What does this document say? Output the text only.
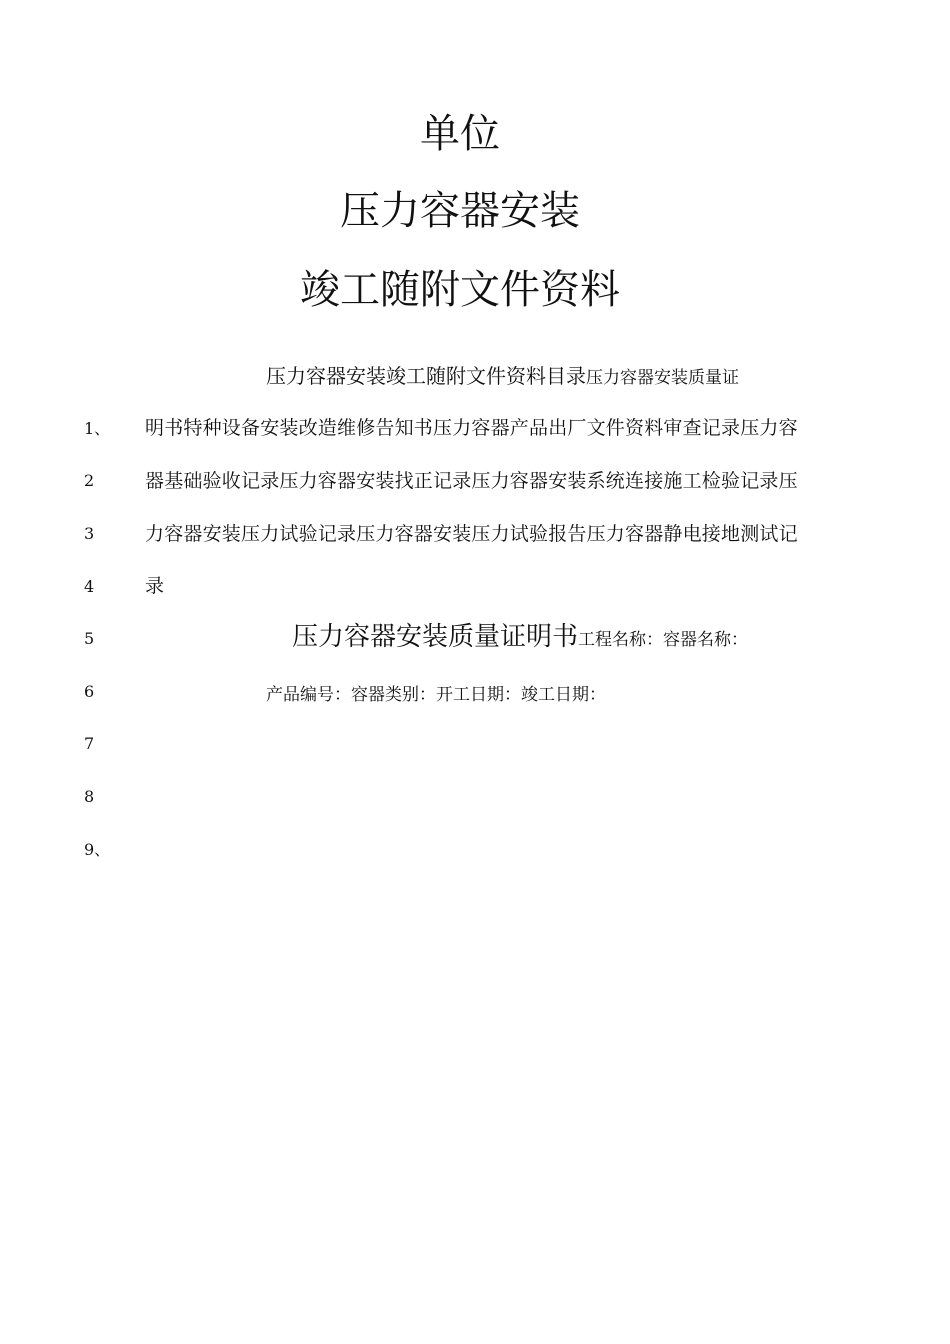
单位
压力容器安装
竣工随附文件资料
压力容器安装竣工随附文件资料目录压力容器安装质量证
1、
2
3
4
5
6
7
8
9、
明书特种设备安装改造维修告知书压力容器产品出厂文件资料审查记录压力容
器基础验收记录压力容器安装找正记录压力容器安装系统连接施工检验记录压
力容器安装压力试验记录压力容器安装压力试验报告压力容器静电接地测试记
录
压力容器安装质量证明书工程名称：容器名称：
产品编号：容器类别：开工日期：竣工日期：
